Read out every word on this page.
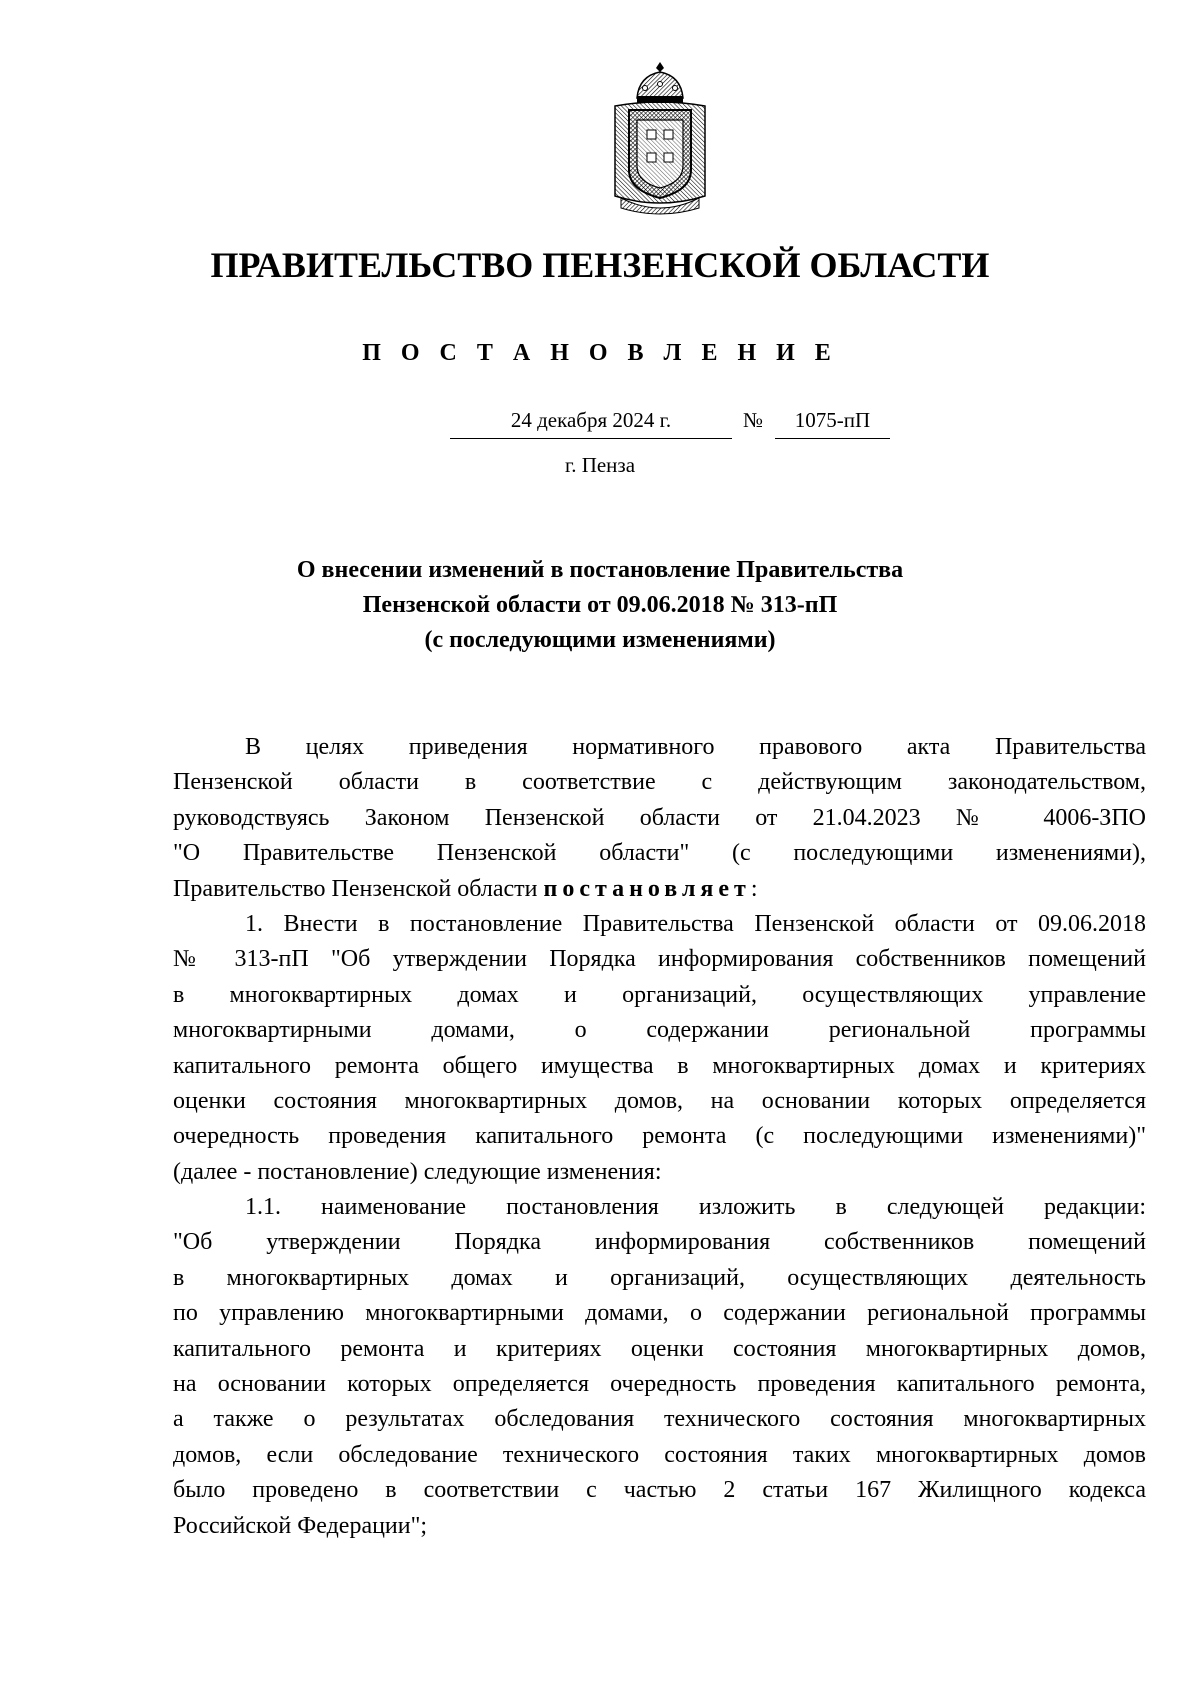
ПРАВИТЕЛЬСТВО ПЕНЗЕНСКОЙ ОБЛАСТИ
П О С Т А Н О В Л Е Н И Е
24 декабря 2024 г.	№	1075-пП
г. Пенза
О внесении изменений в постановление Правительства
Пензенской области от 09.06.2018 № 313-пП
(с последующими изменениями)
В целях приведения нормативного правового акта Правительства
Пензенской области в соответствие с действующим законодательством,
руководствуясь Законом Пензенской области от 21.04.2023 № 4006-ЗПО
"О Правительстве Пензенской области" (с последующими изменениями),
Правительство Пензенской области постановляет:
1. Внести в постановление Правительства Пензенской области от 09.06.2018
№ 313-пП "Об утверждении Порядка информирования собственников помещений
в многоквартирных домах и организаций, осуществляющих управление
многоквартирными домами, о содержании региональной программы
капитального ремонта общего имущества в многоквартирных домах и критериях
оценки состояния многоквартирных домов, на основании которых определяется
очередность проведения капитального ремонта (с последующими изменениями)"
(далее - постановление) следующие изменения:
1.1. наименование постановления изложить в следующей редакции:
"Об утверждении Порядка информирования собственников помещений
в многоквартирных домах и организаций, осуществляющих деятельность
по управлению многоквартирными домами, о содержании региональной программы
капитального ремонта и критериях оценки состояния многоквартирных домов,
на основании которых определяется очередность проведения капитального ремонта,
а также о результатах обследования технического состояния многоквартирных
домов, если обследование технического состояния таких многоквартирных домов
было проведено в соответствии с частью 2 статьи 167 Жилищного кодекса
Российской Федерации";
